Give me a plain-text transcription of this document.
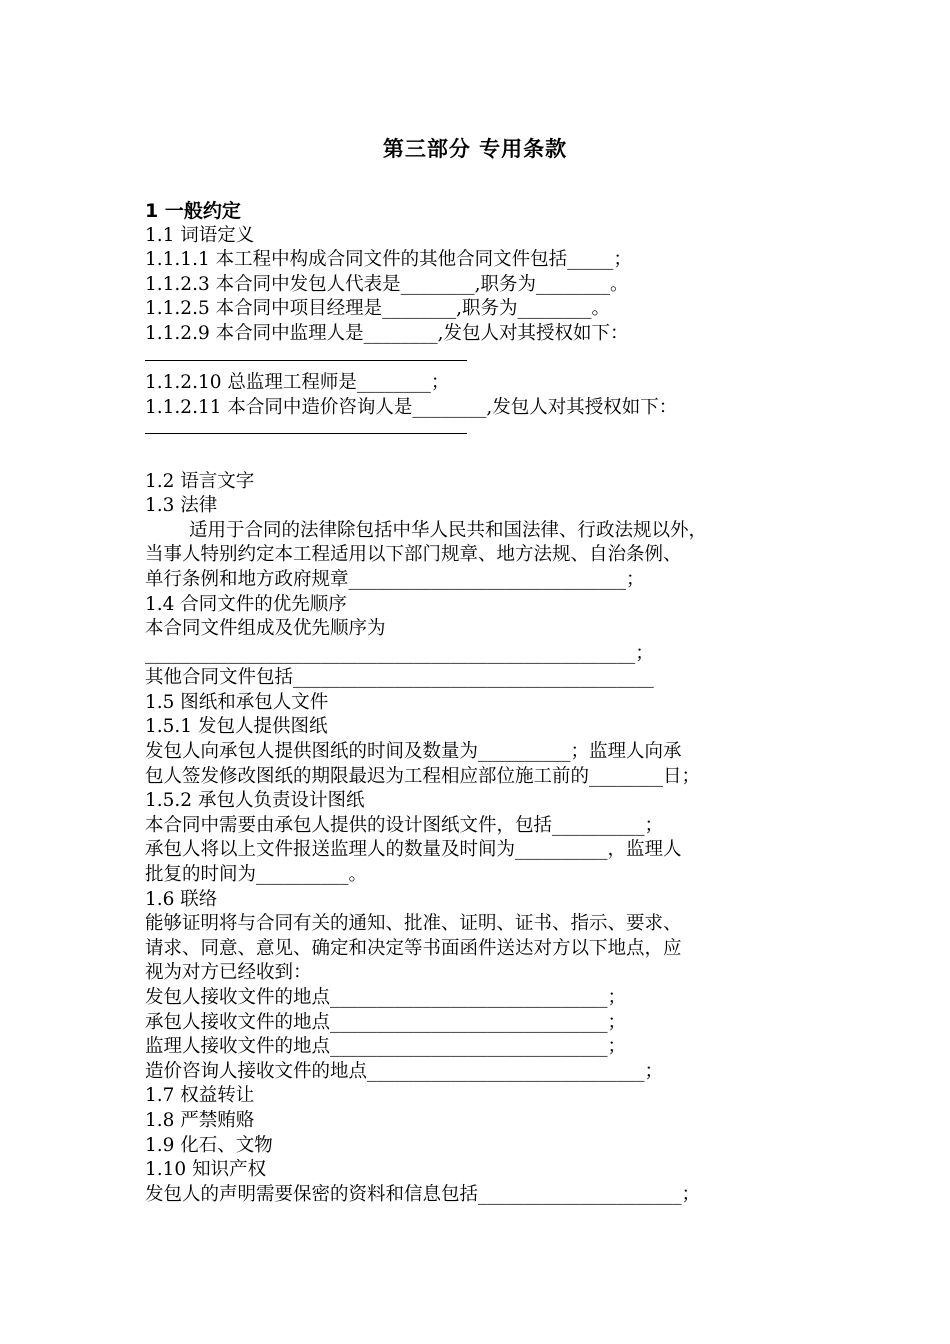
第三部分 专用条款
1 一般约定
1.1 词语定义
1.1.1.1 本工程中构成合同文件的其他合同文件包括_____；
1.1.2.3 本合同中发包人代表是________,职务为________。
1.1.2.5 本合同中项目经理是________,职务为________。
1.1.2.9 本合同中监理人是________,发包人对其授权如下：
1.1.2.10 总监理工程师是________；
1.1.2.11 本合同中造价咨询人是________,发包人对其授权如下：
1.2 语言文字
1.3 法律
适用于合同的法律除包括中华人民共和国法律、行政法规以外，
当事人特别约定本工程适用以下部门规章、地方法规、自治条例、
单行条例和地方政府规章______________________________；
1.4 合同文件的优先顺序
本合同文件组成及优先顺序为
_____________________________________________________；
其他合同文件包括_______________________________________
1.5 图纸和承包人文件
1.5.1 发包人提供图纸
发包人向承包人提供图纸的时间及数量为__________；监理人向承
包人签发修改图纸的期限最迟为工程相应部位施工前的________日；
1.5.2 承包人负责设计图纸
本合同中需要由承包人提供的设计图纸文件，包括__________；
承包人将以上文件报送监理人的数量及时间为__________，监理人
批复的时间为__________。
1.6 联络
能够证明将与合同有关的通知、批准、证明、证书、指示、要求、
请求、同意、意见、确定和决定等书面函件送达对方以下地点，应
视为对方已经收到：
发包人接收文件的地点______________________________；
承包人接收文件的地点______________________________；
监理人接收文件的地点______________________________；
造价咨询人接收文件的地点______________________________；
1.7 权益转让
1.8 严禁贿赂
1.9 化石、文物
1.10 知识产权
发包人的声明需要保密的资料和信息包括______________________；
